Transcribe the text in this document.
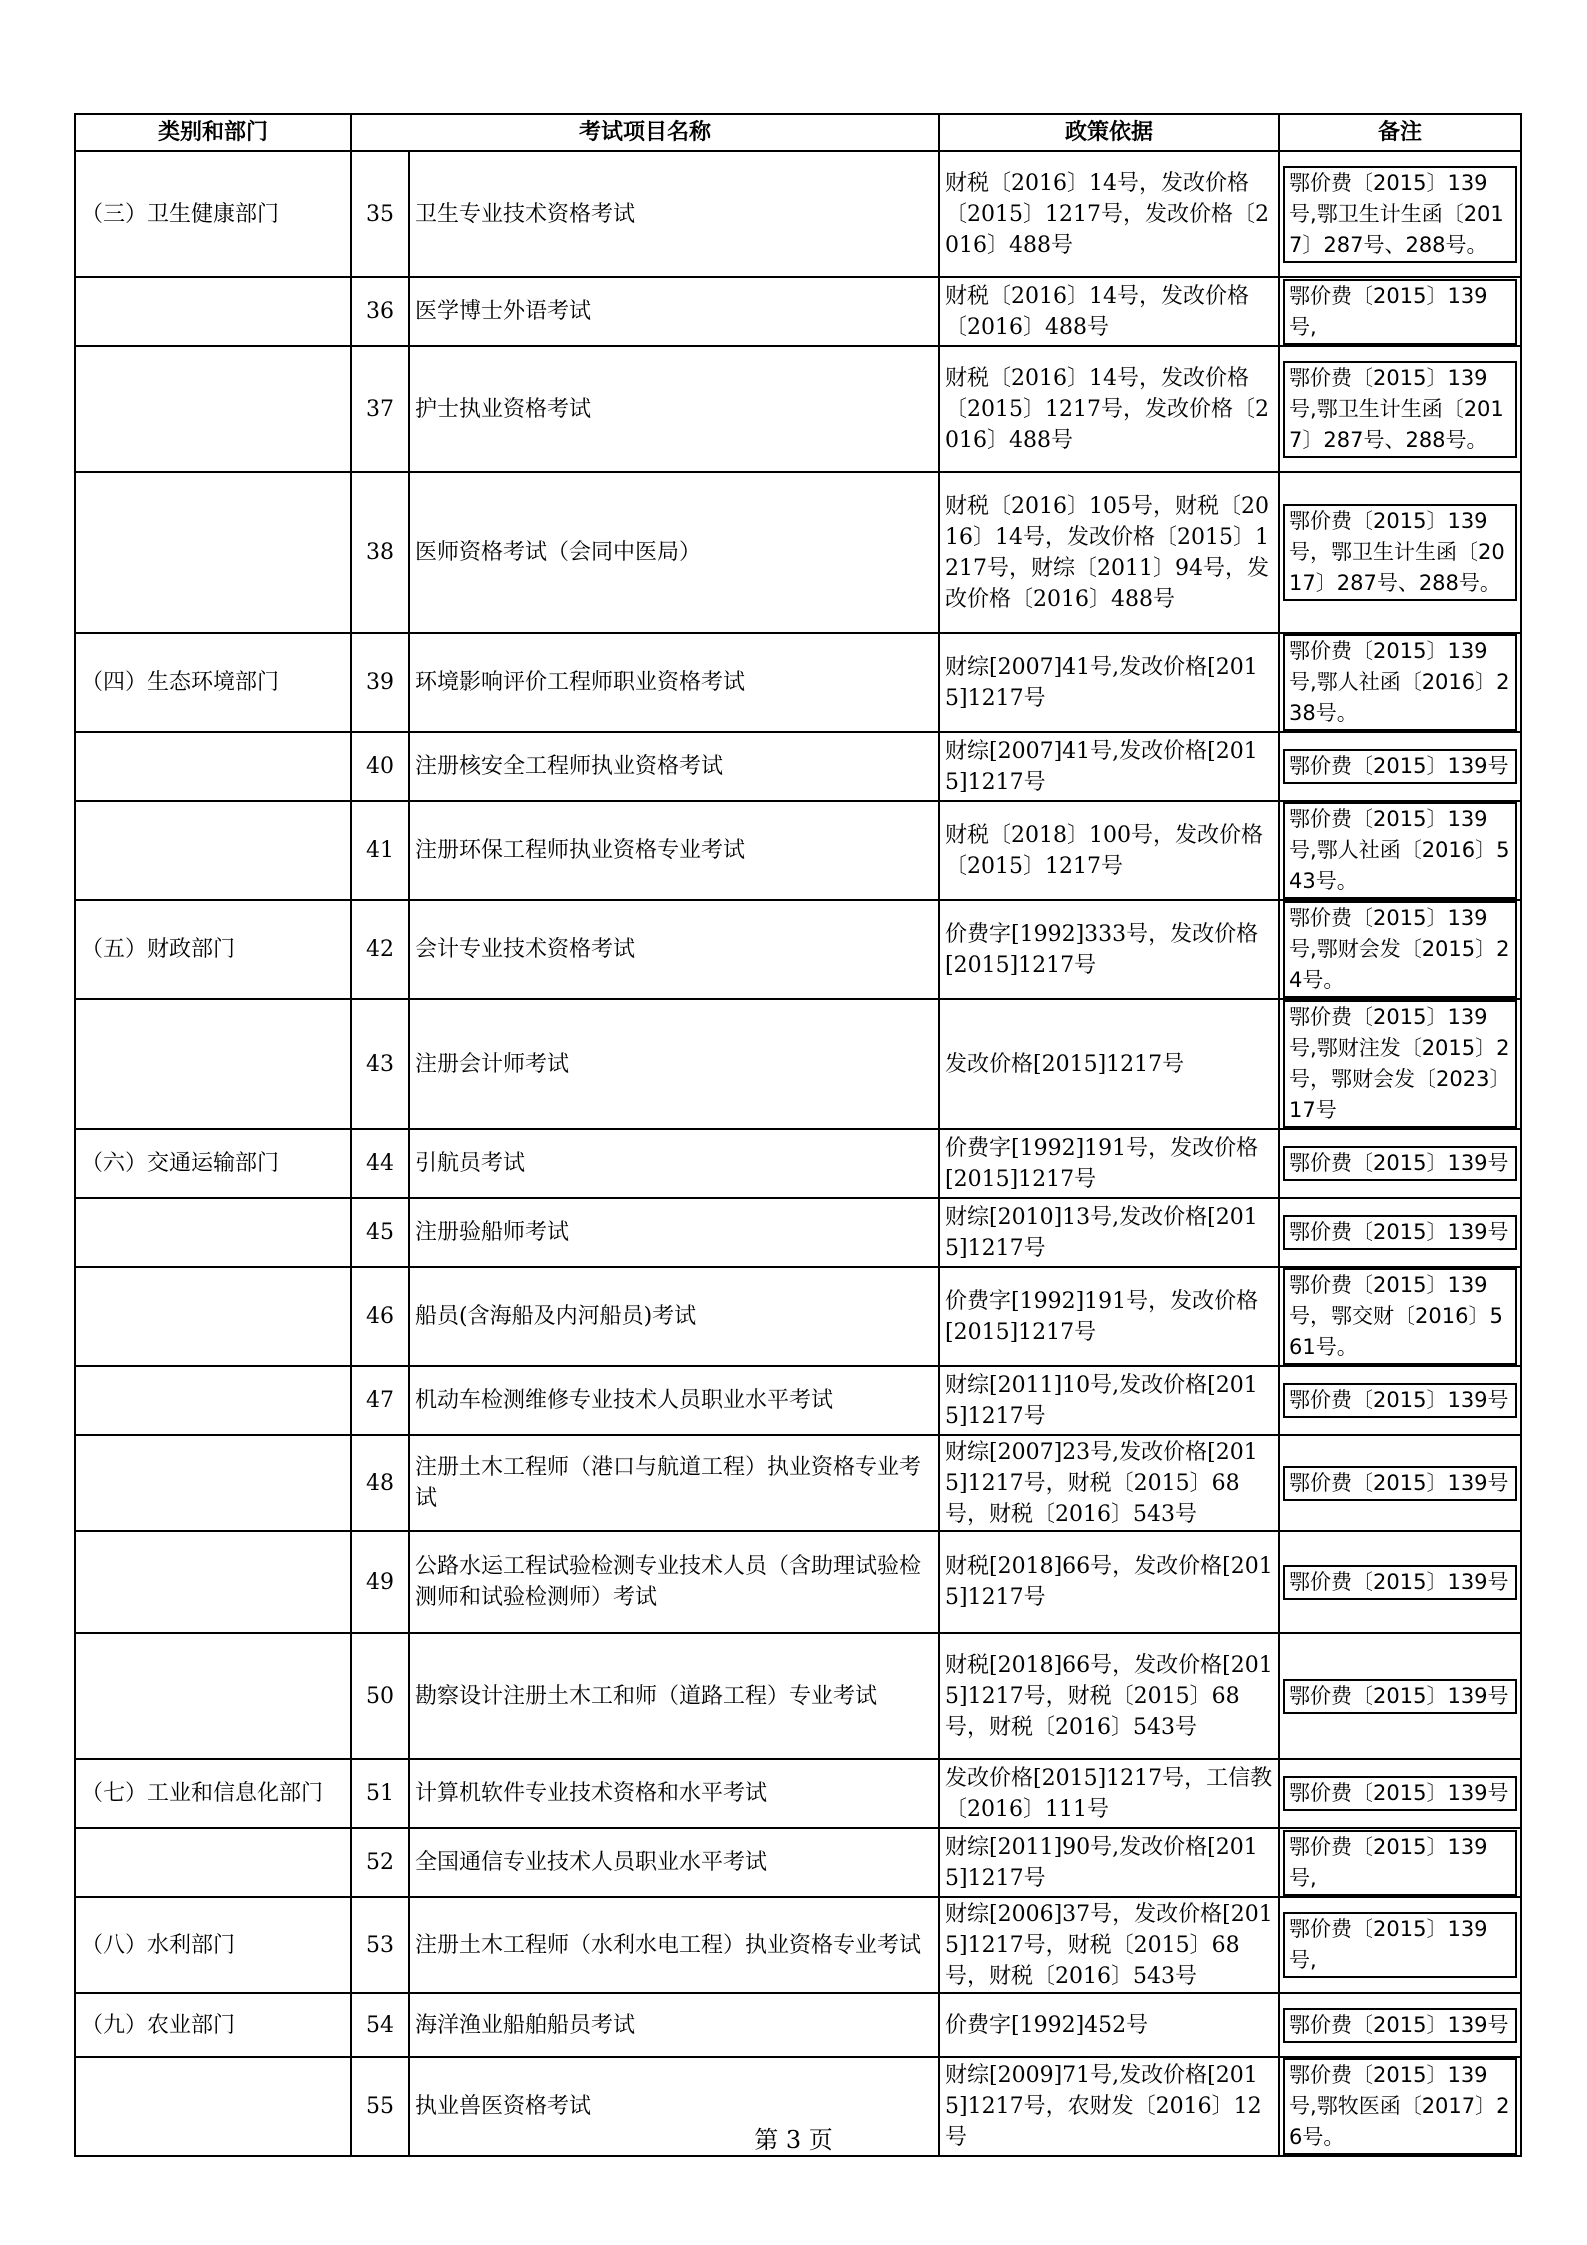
类别和部门	考试项目名称		政策依据	备注
（三）卫生健康部门	35	卫生专业技术资格考试	财税〔2016〕14号，发改价格〔2015〕1217号，发改价格〔2016〕488号	鄂价费〔2015〕139号,鄂卫生计生函〔2017〕287号、288号。

	36	医学博士外语考试	财税〔2016〕14号，发改价格〔2016〕488号	鄂价费〔2015〕139号,

	37	护士执业资格考试	财税〔2016〕14号，发改价格〔2015〕1217号，发改价格〔2016〕488号	鄂价费〔2015〕139号,鄂卫生计生函〔2017〕287号、288号。

	38	医师资格考试（会同中医局）	财税〔2016〕105号，财税〔2016〕14号，发改价格〔2015〕1217号，财综〔2011〕94号，发改价格〔2016〕488号	鄂价费〔2015〕139号，鄂卫生计生函〔2017〕287号、288号。

（四）生态环境部门	39	环境影响评价工程师职业资格考试	财综[2007]41号,发改价格[2015]1217号	鄂价费〔2015〕139号,鄂人社函〔2016〕238号。

	40	注册核安全工程师执业资格考试	财综[2007]41号,发改价格[2015]1217号	鄂价费〔2015〕139号

	41	注册环保工程师执业资格专业考试	财税〔2018〕100号，发改价格〔2015〕1217号	鄂价费〔2015〕139号,鄂人社函〔2016〕543号。

（五）财政部门	42	会计专业技术资格考试	价费字[1992]333号，发改价格[2015]1217号	鄂价费〔2015〕139号,鄂财会发〔2015〕24号。

	43	注册会计师考试	发改价格[2015]1217号	鄂价费〔2015〕139号,鄂财注发〔2015〕2号，鄂财会发〔2023〕17号

（六）交通运输部门	44	引航员考试	价费字[1992]191号，发改价格[2015]1217号	鄂价费〔2015〕139号

	45	注册验船师考试	财综[2010]13号,发改价格[2015]1217号	鄂价费〔2015〕139号

	46	船员(含海船及内河船员)考试	价费字[1992]191号，发改价格[2015]1217号	鄂价费〔2015〕139号，鄂交财〔2016〕561号。

	47	机动车检测维修专业技术人员职业水平考试	财综[2011]10号,发改价格[2015]1217号	鄂价费〔2015〕139号

	48	注册土木工程师（港口与航道工程）执业资格专业考试	财综[2007]23号,发改价格[2015]1217号，财税〔2015〕68号，财税〔2016〕543号	鄂价费〔2015〕139号

	49	公路水运工程试验检测专业技术人员（含助理试验检测师和试验检测师）考试	财税[2018]66号，发改价格[2015]1217号	鄂价费〔2015〕139号

	50	勘察设计注册土木工和师（道路工程）专业考试	财税[2018]66号，发改价格[2015]1217号，财税〔2015〕68号，财税〔2016〕543号	鄂价费〔2015〕139号

（七）工业和信息化部门	51	计算机软件专业技术资格和水平考试	发改价格[2015]1217号，工信教〔2016〕111号	鄂价费〔2015〕139号

	52	全国通信专业技术人员职业水平考试	财综[2011]90号,发改价格[2015]1217号	鄂价费〔2015〕139号,

（八）水利部门	53	注册土木工程师（水利水电工程）执业资格专业考试	财综[2006]37号，发改价格[2015]1217号，财税〔2015〕68号，财税〔2016〕543号	鄂价费〔2015〕139号,

（九）农业部门	54	海洋渔业船舶船员考试	价费字[1992]452号	鄂价费〔2015〕139号

	55	执业兽医资格考试	财综[2009]71号,发改价格[2015]1217号，农财发〔2016〕12号	鄂价费〔2015〕139号,鄂牧医函〔2017〕26号。
第 3 页
